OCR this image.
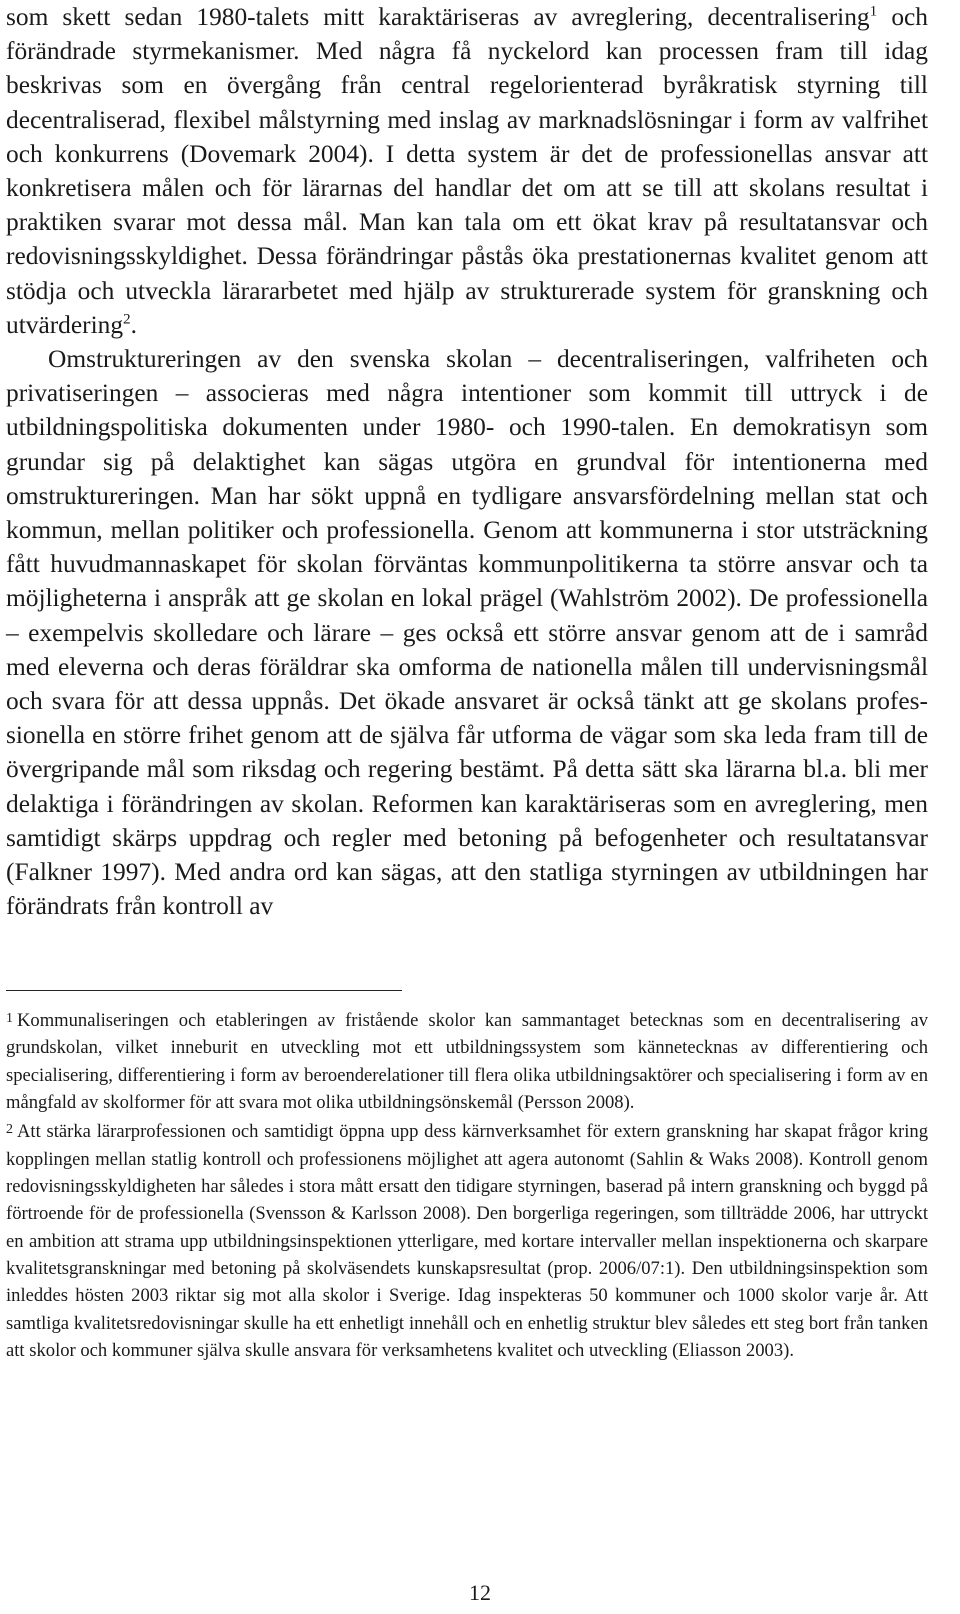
som skett sedan 1980-talets mitt karaktäriseras av avreglering, decentralisering$^1$ och förändrade styrmekanismer. Med några få nyckelord kan processen fram till idag beskrivas som en övergång från central regelorienterad byråkratisk styrning till decentraliserad, flexibel målstyrning med inslag av marknadslösningar i form av valfrihet och konkurrens (Dovemark 2004). I detta system är det de professionellas ansvar att konkretisera målen och för lärarnas del handlar det om att se till att skolans resultat i praktiken svarar mot dessa mål. Man kan tala om ett ökat krav på resultatansvar och redovisningsskyldighet. Dessa förändringar påstås öka prestationernas kvalitet genom att stödja och utveckla lärararbetet med hjälp av strukturerade system för granskning och utvärdering$^2$.

Omstruktureringen av den svenska skolan – decentraliseringen, valfriheten och privatiseringen – associeras med några intentioner som kommit till uttryck i de utbildningspolitiska dokumenten under 1980- och 1990-talen. En demokratisyn som grundar sig på delaktighet kan sägas utgöra en grundval för intentionerna med omstruktureringen. Man har sökt uppnå en tydligare ansvarsfördelning mellan stat och kommun, mellan politiker och professionella. Genom att kommunerna i stor utsträckning fått huvudmannaskapet för skolan förväntas kommunpolitikerna ta större ansvar och ta möjligheterna i anspråk att ge skolan en lokal prägel (Wahlström 2002). De professionella – exempelvis skolledare och lärare – ges också ett större ansvar genom att de i samråd med eleverna och deras föräldrar ska omforma de nationella målen till undervisningsmål och svara för att dessa uppnås. Det ökade ansvaret är också tänkt att ge skolans professionella en större frihet genom att de själva får utforma de vägar som ska leda fram till de övergripande mål som riksdag och regering bestämt. På detta sätt ska lärarna bl.a. bli mer delaktiga i förändringen av skolan. Reformen kan karaktäriseras som en avreglering, men samtidigt skärps uppdrag och regler med betoning på befogenheter och resultatansvar (Falkner 1997). Med andra ord kan sägas, att den statliga styrningen av utbildningen har förändrats från kontroll av

$^1$ Kommunaliseringen och etableringen av fristående skolor kan sammantaget betecknas som en decentralisering av grundskolan, vilket inneburit en utveckling mot ett utbildningssystem som kännetecknas av differentiering och specialisering, differentiering i form av beroenderelationer till flera olika utbildningsaktörer och specialisering i form av en mångfald av skolformer för att svara mot olika utbildningsönskemål (Persson 2008).

$^2$ Att stärka lärarprofessionen och samtidigt öppna upp dess kärnverksamhet för extern granskning har skapat frågor kring kopplingen mellan statlig kontroll och professionens möjlighet att agera autonomt (Sahlin & Waks 2008). Kontroll genom redovisningsskyldigheten har således i stora mått ersatt den tidigare styrningen, baserad på intern granskning och byggd på förtroende för de professionella (Svensson & Karlsson 2008). Den borgerliga regeringen, som tillträdde 2006, har uttryckt en ambition att strama upp utbildningsinspektionen ytterligare, med kortare intervaller mellan inspektionerna och skarpare kvalitetsgranskningar med betoning på skolväsendets kunskapsresultat (prop. 2006/07:1). Den utbildningsinspektion som inleddes hösten 2003 riktar sig mot alla skolor i Sverige. Idag inspekteras 50 kommuner och 1000 skolor varje år. Att samtliga kvalitetsredovisningar skulle ha ett enhetligt innehåll och en enhetlig struktur blev således ett steg bort från tanken att skolor och kommuner själva skulle ansvara för verksamhetens kvalitet och utveckling (Eliasson 2003).

12
